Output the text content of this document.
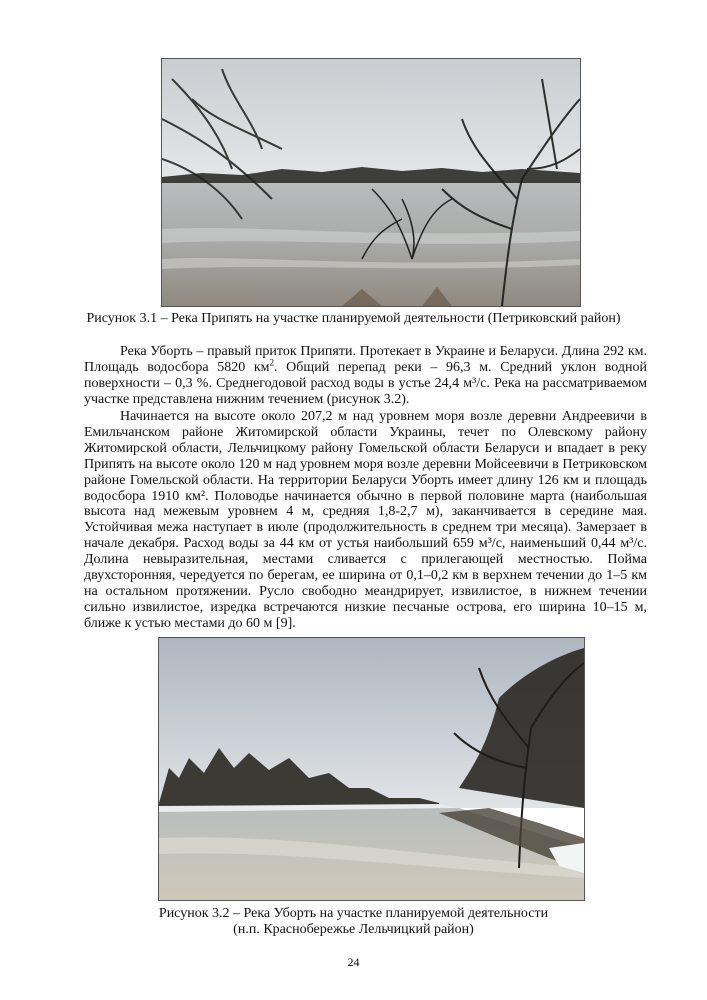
Рисунок 3.1 – Река Припять на участке планируемой деятельности (Петриковский район)

Река Уборть – правый приток Припяти. Протекает в Украине и Беларуси. Длина 292 км. Площадь водосбора 5820 $км^2$. Общий перепад реки – 96,3 м. Средний уклон водной поверхности – 0,3 %. Среднегодовой расход воды в устье 24,4 м³/с. Река на рассматриваемом участке представлена нижним течением (рисунок 3.2).

Начинается на высоте около 207,2 м над уровнем моря возле деревни Андреевичи в Емильчанском районе Житомирской области Украины, течет по Олевскому району Житомирской области, Лельчицкому району Гомельской области Беларуси и впадает в реку Припять на высоте около 120 м над уровнем моря возле деревни Мойсеевичи в Петриковском районе Гомельской области. На территории Беларуси Уборть имеет длину 126 км и площадь водосбора 1910 км². Половодье начинается обычно в первой половине марта (наибольшая высота над межевым уровнем 4 м, средняя 1,8-2,7 м), заканчивается в середине мая. Устойчивая межа наступает в июле (продолжительность в среднем три месяца). Замерзает в начале декабря. Расход воды за 44 км от устья наибольший 659 м³/с, наименьший 0,44 м³/с. Долина невыразительная, местами сливается с прилегающей местностью. Пойма двухсторонняя, чередуется по берегам, ее ширина от 0,1–0,2 км в верхнем течении до 1–5 км на остальном протяжении. Русло свободно меандрирует, извилистое, в нижнем течении сильно извилистое, изредка встречаются низкие песчаные острова, его ширина 10–15 м, ближе к устью местами до 60 м [9].

Рисунок 3.2 – Река Уборть на участке планируемой деятельности
(н.п. Красноберeжье Лельчицкий район)
24
